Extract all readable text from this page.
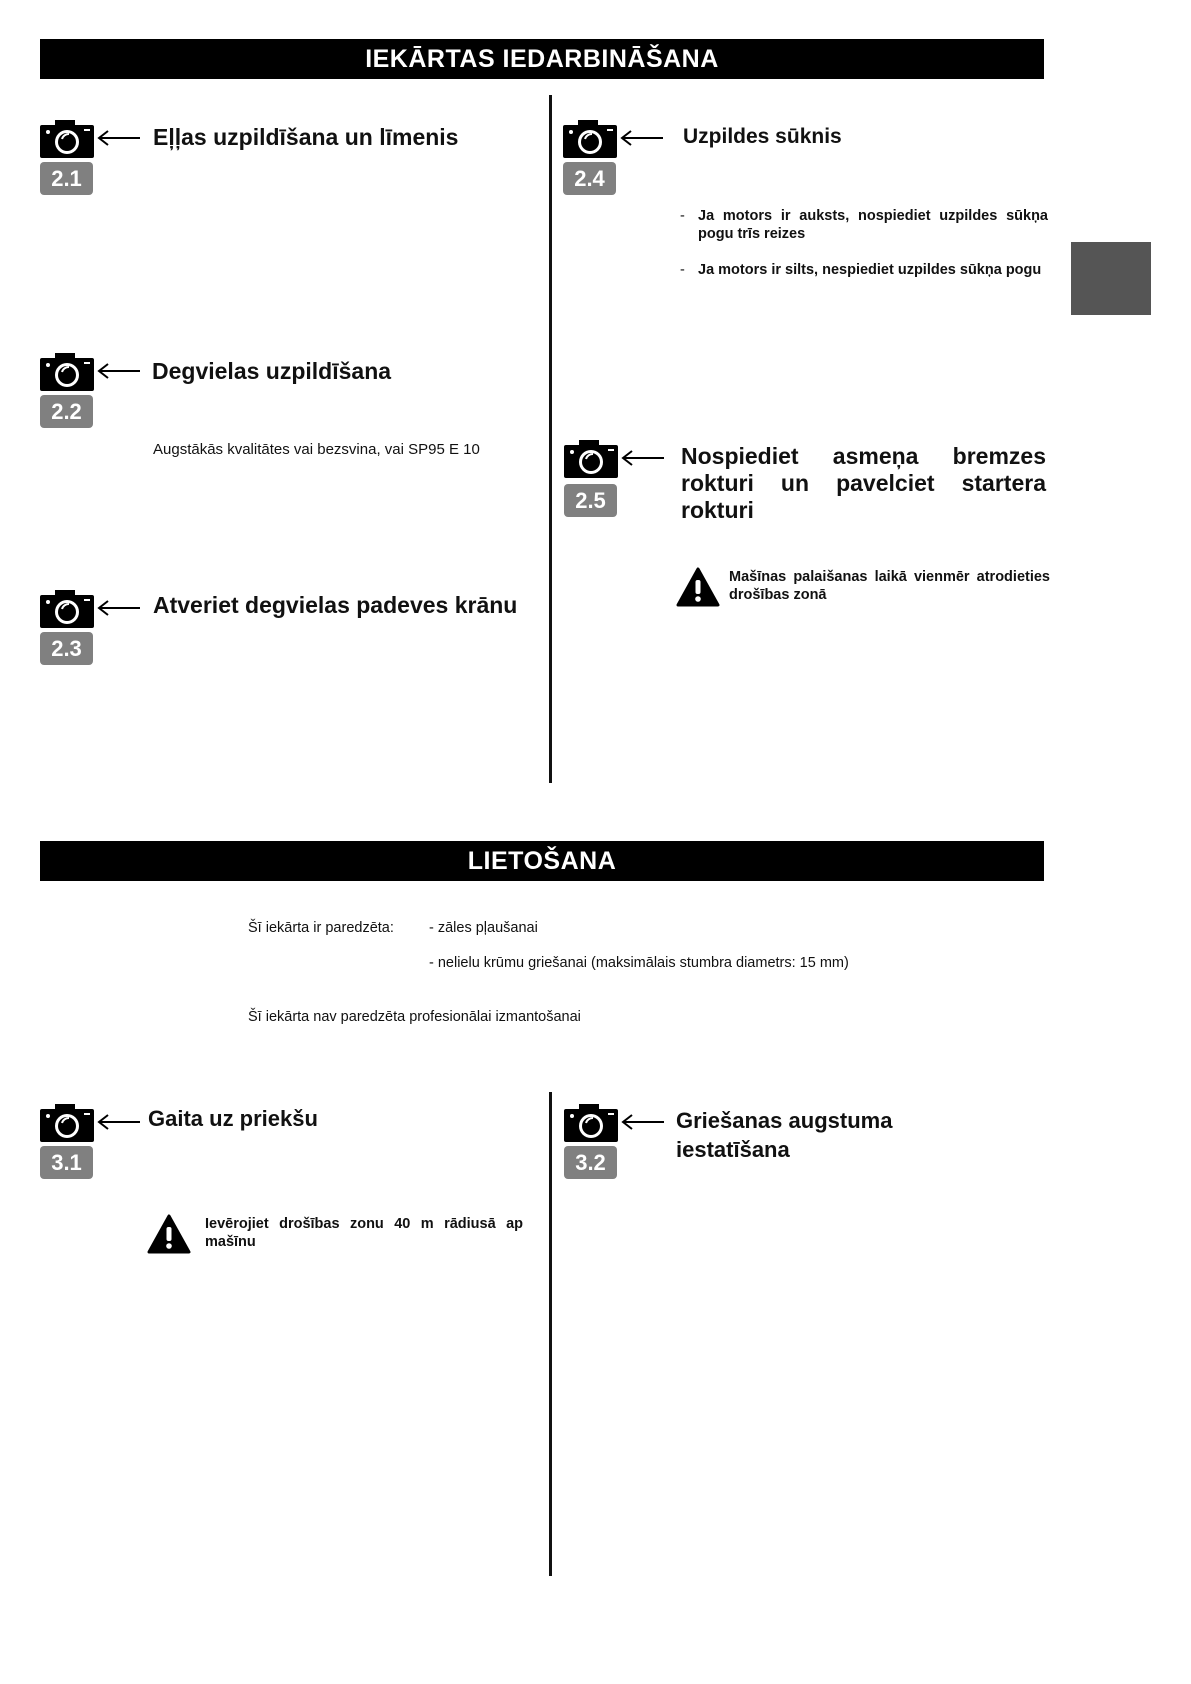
IEKĀRTAS IEDARBINĀŠANA
2.1
Eļļas uzpildīšana un līmenis
2.2
Degvielas uzpildīšana
Augstākās kvalitātes vai bezsvina, vai SP95 E 10
2.3
Atveriet degvielas padeves krānu
2.4
Uzpildes sūknis
- Ja motors ir auksts, nospiediet uzpildes sūkņa pogu trīs reizes
- Ja motors ir silts, nespiediet uzpildes sūkņa pogu
2.5
Nospiediet asmeņa bremzes rokturi un pavelciet startera rokturi
Mašīnas palaišanas laikā vienmēr atrodieties drošības zonā
LIETOŠANA
Šī iekārta ir paredzēta: - zāles pļaušanai
- nelielu krūmu griešanai (maksimālais stumbra diametrs: 15 mm)
Šī iekārta nav paredzēta profesionālai izmantošanai
3.1
Gaita uz priekšu
Ievērojiet drošības zonu 40 m rādiusā ap mašīnu
3.2
Griešanas augstuma iestatīšana
